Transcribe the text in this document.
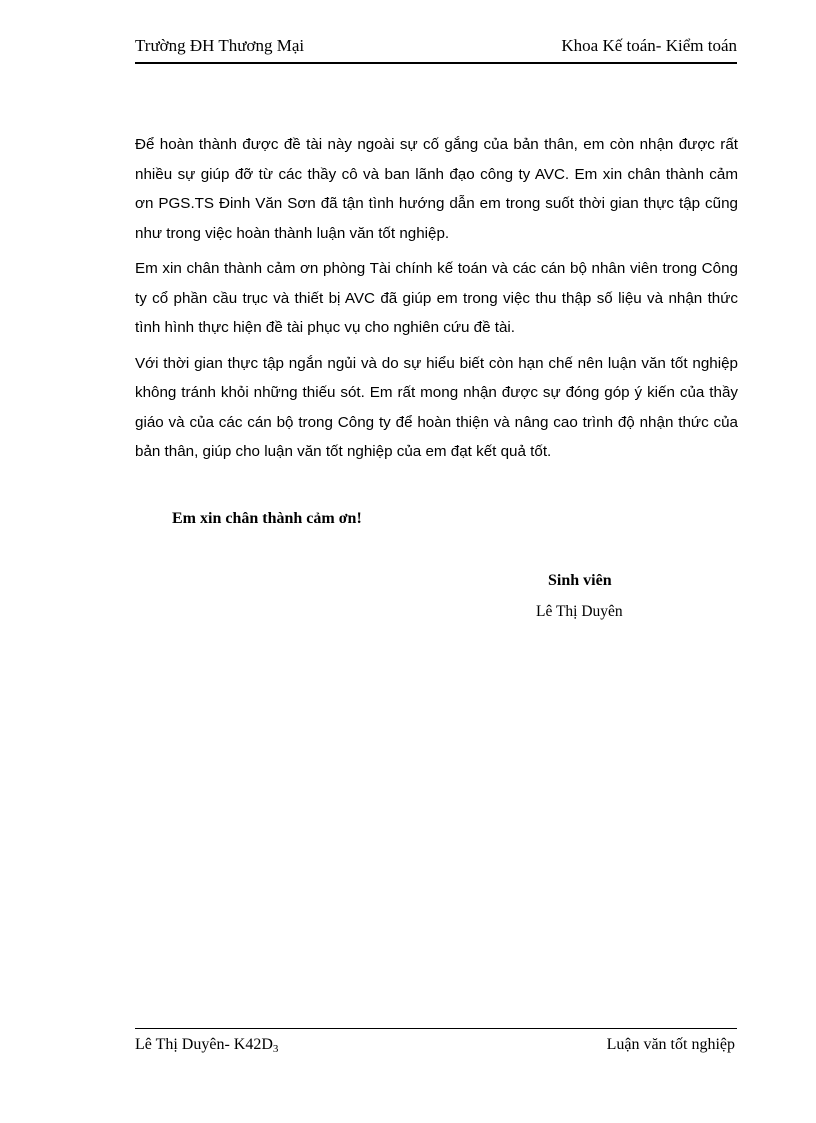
Trường ĐH Thương Mại	Khoa Kế toán- Kiểm toán

Để hoàn thành được đề tài này ngoài sự cố gắng của bản thân, em còn nhận được rất nhiều sự giúp đỡ từ các thầy cô và ban lãnh đạo công ty AVC. Em xin chân thành cảm ơn PGS.TS Đinh Văn Sơn đã tận tình hướng dẫn em trong suốt thời gian thực tập cũng như trong việc hoàn thành luận văn tốt nghiệp.

Em xin chân thành cảm ơn phòng Tài chính kế toán và các cán bộ nhân viên trong Công ty cổ phần cầu trục và thiết bị AVC đã giúp em trong việc thu thập số liệu và nhận thức tình hình thực hiện đề tài phục vụ cho nghiên cứu đề tài.

Với thời gian thực tập ngắn ngủi và do sự hiểu biết còn hạn chế nên luận văn tốt nghiệp không tránh khỏi những thiếu sót. Em rất mong nhận được sự đóng góp ý kiến của thầy giáo và của các cán bộ trong Công ty để hoàn thiện và nâng cao trình độ nhận thức của bản thân, giúp cho luận văn tốt nghiệp của em đạt kết quả tốt.

Em xin chân thành cảm ơn!
Sinh viên
Lê Thị Duyên
Lê Thị Duyên- $K42D_3$	Luận văn tốt nghiệp
